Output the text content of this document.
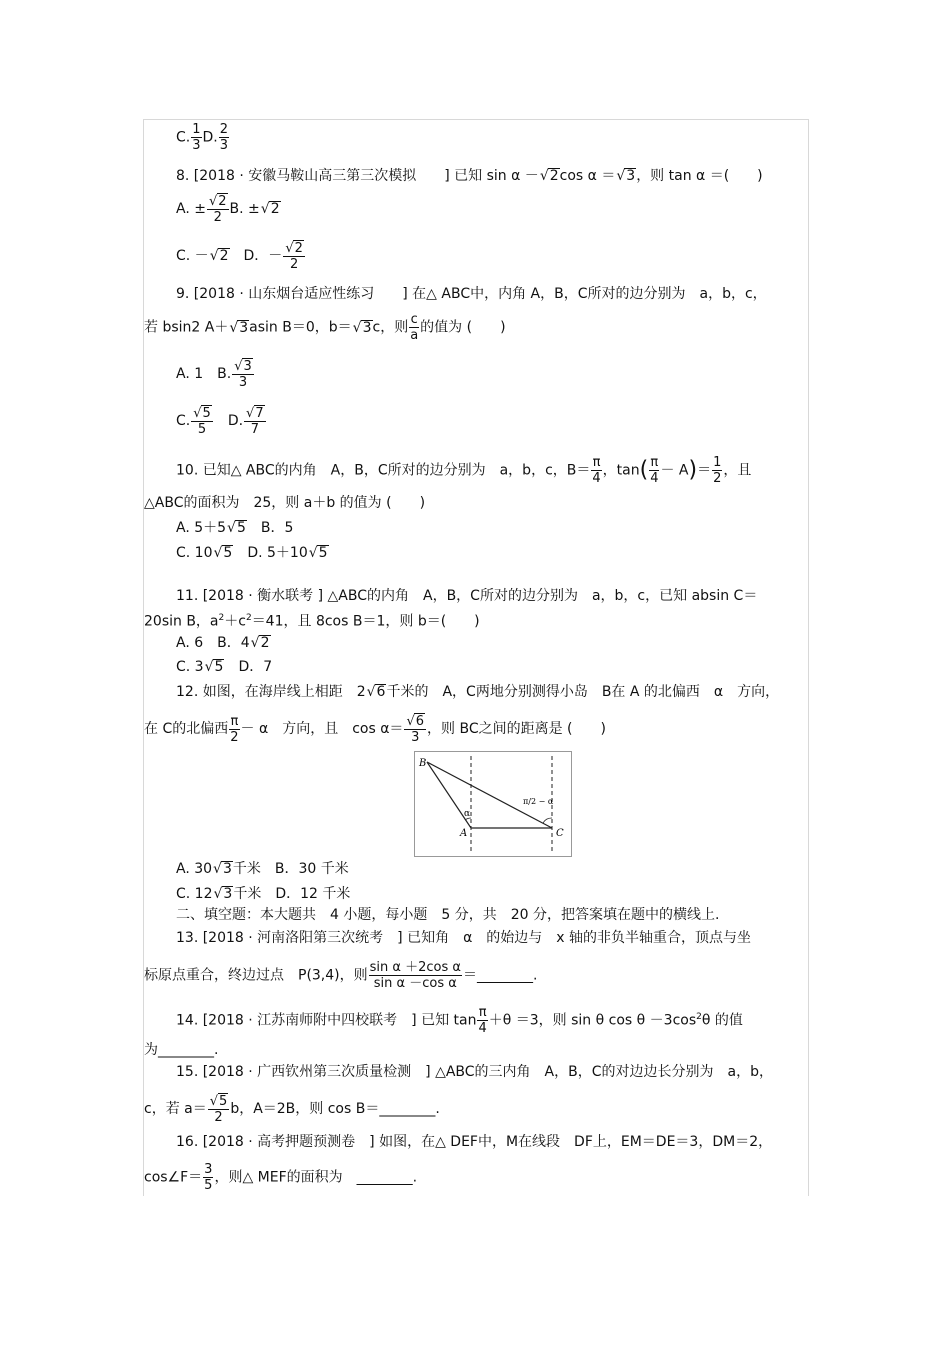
C. $\frac{1}{3} D$. $\frac{2}{3}$
8. [2018 · 安徽马鞍山高三第三次模拟　　 ] 已知 sin α － √ 2cos α ＝ √ 3，则 tan α ＝(　　)
A. ± √ $\frac{2}{2} B$. ± √ 2
C. － √ 2　 D．－ √ $\frac{2}{2}$
9. [2018 · 山东烟台适应性练习　　 ] 在△ ABC中，内角 A，B，C所对的边分别为　a，b，c，
若 bsin2 A＋ √ 3asin B＝0，b＝ √ 3c，则 $\frac{c}{a}$ 的值为 (　　)
A. 1　 B. √ $\frac{3}{3}$
C. √ $\frac{5}{5}$
　 D. √ $\frac{7}{7}$
10. 已知△ ABC的内角　A，B，C所对的边分别为　a，b，c，$B= \frac{\pi}{4}$ ，$\tan( \frac{\pi}{4} - A)= \frac{1}{2}$ ，且
△ABC的面积为　25，则 a＋b 的值为 (　　)
A. 5＋5 √ 5　 B．5
C. 10 √ 5　 D. 5＋10 √ 5
11. [2018 · 衡水联考 ] △ABC的内角　A，B，C所对的边分别为　a，b，c，已知 absin C＝
20sin B，$a^2+c^2=41$，且 8cos B＝1，则 b＝(　　)
A. 6　 B．4 √ 2
C. 3 √ 5　 D．7
12. 如图，在海岸线上相距　2 √ 6千米的　A，C两地分别测得小岛　B在 A 的北偏西　α　方向，
在 C的北偏西 $\frac{\pi}{2} - \alpha$　方向，且　cos α＝ √ $\frac{6}{3}$ ，则 BC之间的距离是 (　　)
B
A	C
α
π/2 − α
A. 30 √ 3千米　 B．30 千米
C. 12 √ 3千米　 D．12 千米
二、填空题：本大题共　4 小题，每小题　5 分，共　20 分，把答案填在题中的横线上.
13. [2018 · 河南洛阳第三次统考　] 已知角　α　的始边与　x 轴的非负半轴重合，顶点与坐
标原点重合，终边过点　P(3,4)，则 $\frac{\text{sin α ＋2cos α}}{\text{sin α －cos α}}$ ＝________.
14. [2018 · 江苏南师附中四校联考　] 已知 $\tan \frac{\pi}{4} +\theta =3$，则 sin θ $\cos \theta -3\cos^2\theta$ 的值
为________.
15. [2018 · 广西钦州第三次质量检测　] △ABC的三内角　A，B，C的对边边长分别为　a，b，
c，若 a＝ √ $\frac{5}{2}$ b，A＝2B，则 cos B＝________.
16. [2018 · 高考押题预测卷　] 如图，在△ DEF中，M在线段　DF上，EM＝DE＝3，DM＝2，
cos∠F＝ $\frac{3}{5}$ ，则△ MEF的面积为　________.
